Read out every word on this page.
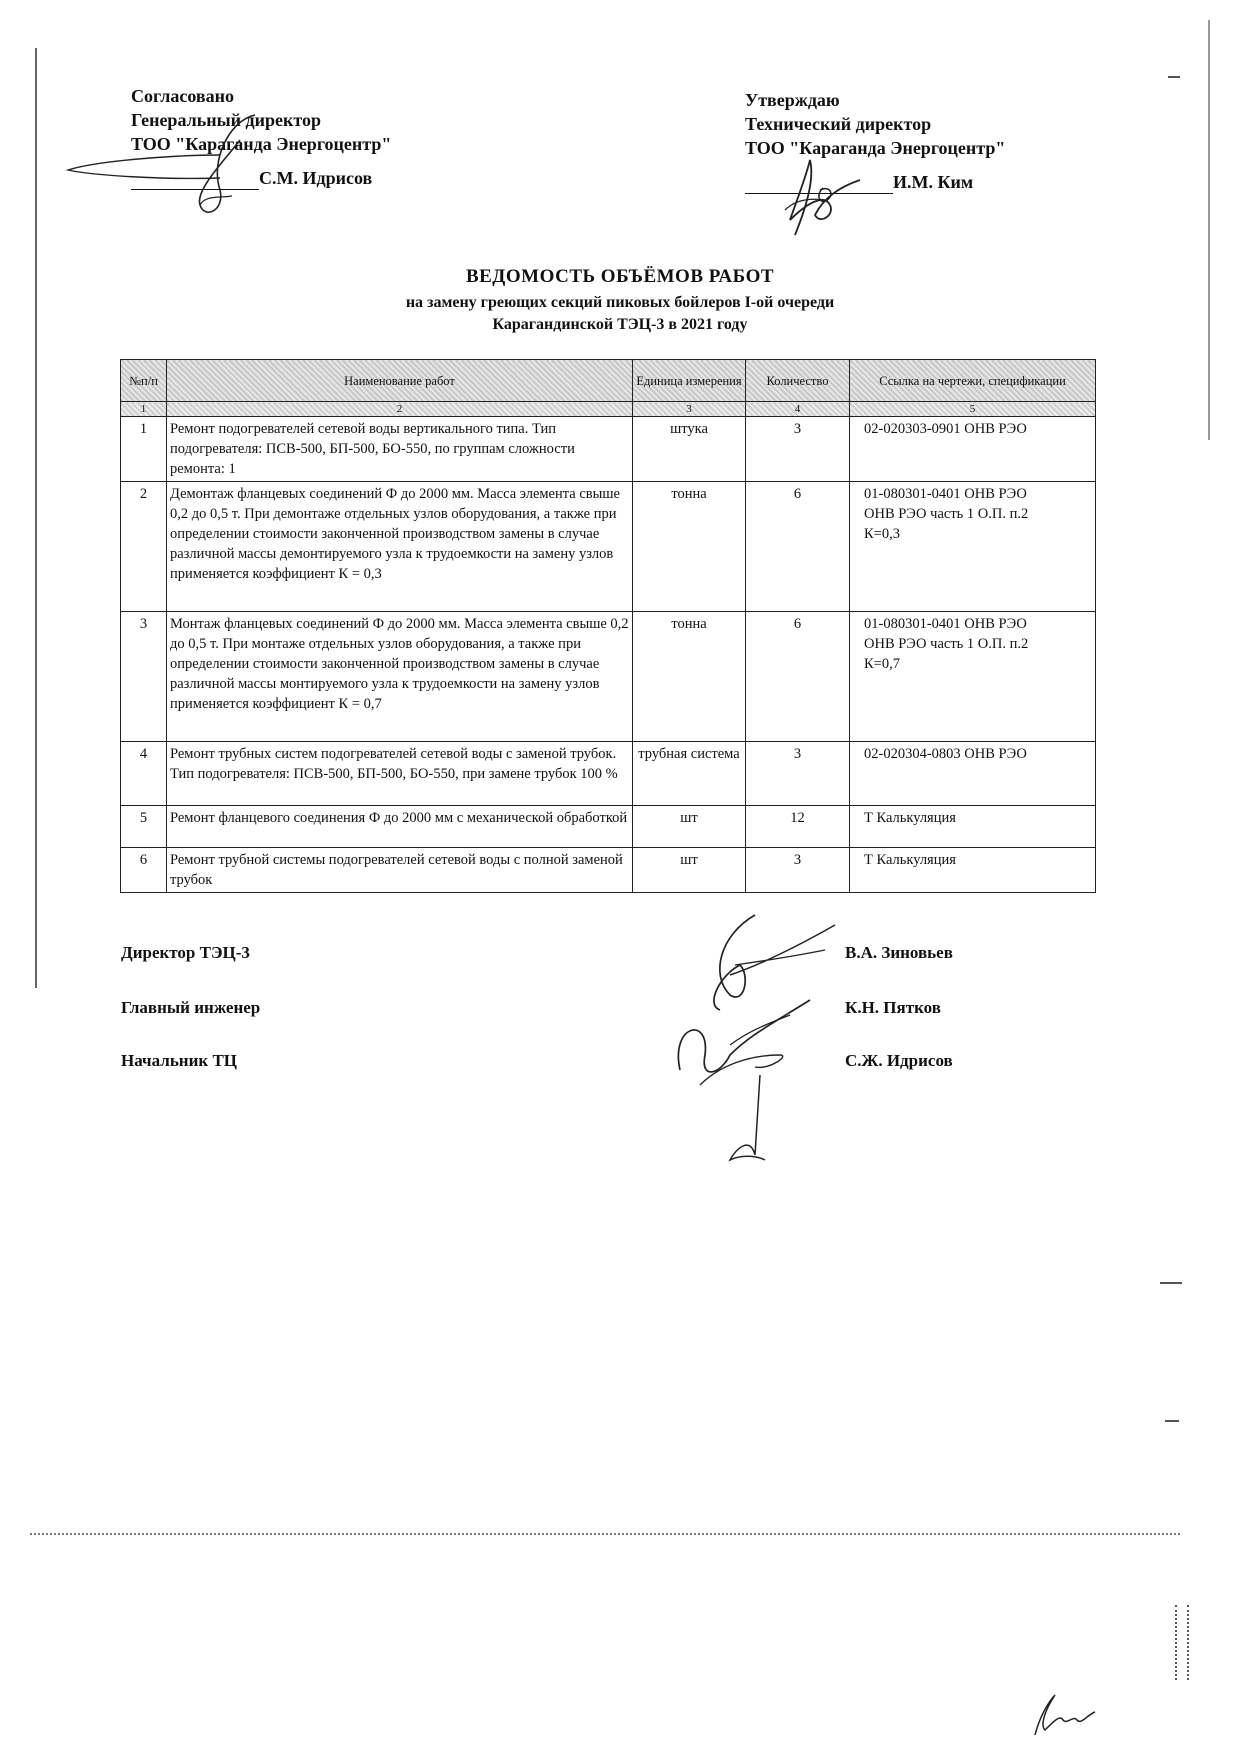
Согласовано
Генеральный директор
ТОО "Караганда Энергоцентр"
С.М. Идрисов
Утверждаю
Технический директор
ТОО "Караганда Энергоцентр"
И.М. Ким
ВЕДОМОСТЬ ОБЪЁМОВ РАБОТ
на замену греющих секций пиковых бойлеров I-ой очереди
Карагандинской ТЭЦ-3 в 2021 году
№п/п	Наименование работ	Единица измерения	Количество	Ссылка на чертежи, спецификации
1	2	3	4	5
1	Ремонт подогревателей сетевой воды вертикального типа. Тип подогревателя: ПСВ-500, БП-500, БО-550, по группам сложности ремонта: 1	штука	3	02-020303-0901 ОНВ РЭО
2	Демонтаж фланцевых соединений Ф до 2000 мм. Масса элемента свыше 0,2 до 0,5 т. При демонтаже отдельных узлов оборудования, а также при определении стоимости законченной производством замены в случае различной массы демонтируемого узла к трудоемкости на замену узлов применяется коэффициент К = 0,3	тонна	6	01-080301-0401 ОНВ РЭО ОНВ РЭО часть 1 О.П. п.2 К=0,3
3	Монтаж фланцевых соединений Ф до 2000 мм. Масса элемента свыше 0,2 до 0,5 т. При монтаже отдельных узлов оборудования, а также при определении стоимости законченной производством замены в случае различной массы монтируемого узла к трудоемкости на замену узлов применяется коэффициент К = 0,7	тонна	6	01-080301-0401 ОНВ РЭО ОНВ РЭО часть 1 О.П. п.2 К=0,7
4	Ремонт трубных систем подогревателей сетевой воды с заменой трубок. Тип подогревателя: ПСВ-500, БП-500, БО-550, при замене трубок 100 %	трубная система	3	02-020304-0803 ОНВ РЭО
5	Ремонт фланцевого соединения Ф до 2000 мм с механической обработкой	шт	12	Т Калькуляция
6	Ремонт трубной системы подогревателей сетевой воды с полной заменой трубок	шт	3	Т Калькуляция
Директор ТЭЦ-3	В.А. Зиновьев
Главный инженер	К.Н. Пятков
Начальник ТЦ	С.Ж. Идрисов
